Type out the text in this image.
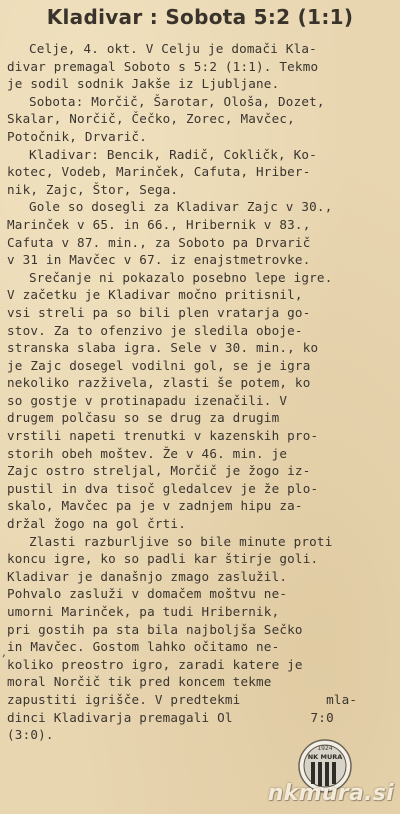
Kladivar : Sobota 5:2 (1:1)

Celje, 4. okt. V Celju je domači Kla-
divar premagal Soboto s 5:2 (1:1). Tekmo
je sodil sodnik Jakše iz Ljubljane.

Sobota: Morčič, Šarotar, Ološa, Dozet,
Skalar, Norčič, Čečko, Zorec, Mavčec,
Potočnik, Drvarič.

Kladivar: Bencik, Radič, Cokličk, Ko-
kotec, Vodeb, Marinček, Cafuta, Hriber-
nik, Zajc, Štor, Sega.

Gole so dosegli za Kladivar Zajc v 30.,
Marinček v 65. in 66., Hribernik v 83.,
Cafuta v 87. min., za Soboto pa Drvarič
v 31 in Mavčec v 67. iz enajstmetrovke.

Srečanje ni pokazalo posebno lepe igre.
V začetku je Kladivar močno pritisnil,
vsi streli pa so bili plen vratarja go-
stov. Za to ofenzivo je sledila oboje-
stranska slaba igra. Sele v 30. min., ko
je Zajc dosegel vodilni gol, se je igra
nekoliko razživela, zlasti še potem, ko
so gostje v protinapadu izenačili. V
drugem polčasu so se drug za drugim
vrstili napeti trenutki v kazenskih pro-
storih obeh moštev. Že v 46. min. je
Zajc ostro streljal, Morčič je žogo iz-
pustil in dva tisoč gledalcev je že plo-
skalo, Mavčec pa je v zadnjem hipu za-
držal žogo na gol črti.

Zlasti razburljive so bile minute proti
koncu igre, ko so padli kar štirje goli.
Kladivar je današnjo zmago zaslužil.
Pohvalo zasluži v domačem moštvu ne-
umorni Marinček, pa tudi Hribernik,
pri gostih pa sta bila najboljša Sečko
in Mavčec. Gostom lahko očitamo ne-
koliko preostro igro, zaradi katere je
moral Norčič tik pred koncem tekme
zapustiti igrišče. V predtekmi           mla-
dinci Kladivarja premagali Ol          7:0
(3:0).

‚
1924
NK MURA
nkmura.si
